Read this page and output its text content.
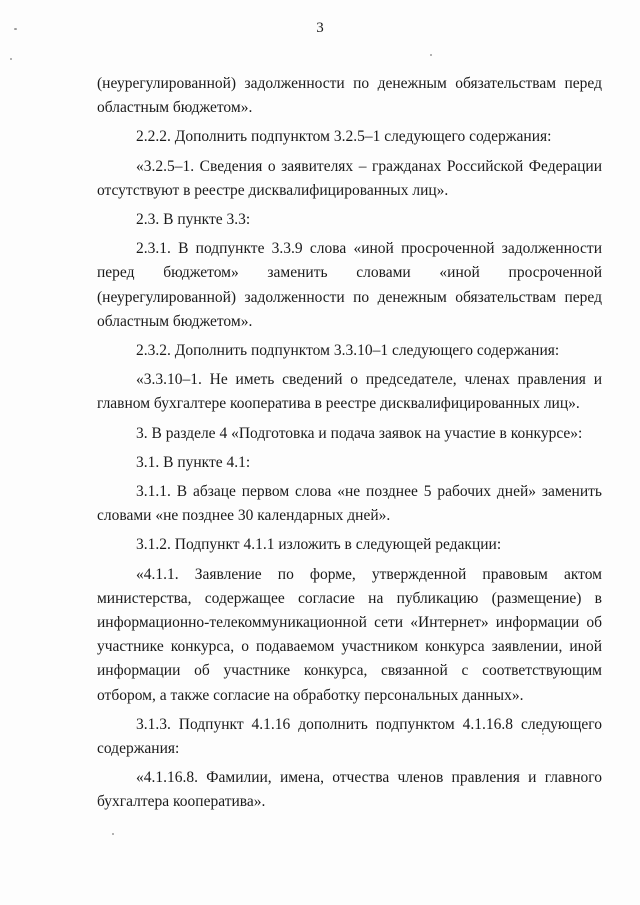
3

(неурегулированной) задолженности по денежным обязательствам перед областным бюджетом».

2.2.2. Дополнить подпунктом 3.2.5–1 следующего содержания:

«3.2.5–1. Сведения о заявителях – гражданах Российской Федерации отсутствуют в реестре дисквалифицированных лиц».

2.3. В пункте 3.3:

2.3.1. В подпункте 3.3.9 слова «иной просроченной задолженности перед бюджетом» заменить словами «иной просроченной (неурегулированной) задолженности по денежным обязательствам перед областным бюджетом».

2.3.2. Дополнить подпунктом 3.3.10–1 следующего содержания:

«3.3.10–1. Не иметь сведений о председателе, членах правления и главном бухгалтере кооператива в реестре дисквалифицированных лиц».

3. В разделе 4 «Подготовка и подача заявок на участие в конкурсе»:

3.1. В пункте 4.1:

3.1.1. В абзаце первом слова «не позднее 5 рабочих дней» заменить словами «не позднее 30 календарных дней».

3.1.2. Подпункт 4.1.1 изложить в следующей редакции:

«4.1.1. Заявление по форме, утвержденной правовым актом министерства, содержащее согласие на публикацию (размещение) в информационно-телекоммуникационной сети «Интернет» информации об участнике конкурса, о подаваемом участником конкурса заявлении, иной информации об участнике конкурса, связанной с соответствующим отбором, а также согласие на обработку персональных данных».

3.1.3. Подпункт 4.1.16 дополнить подпунктом 4.1.16.8 следующего содержания:

«4.1.16.8. Фамилии, имена, отчества членов правления и главного бухгалтера кооператива».
